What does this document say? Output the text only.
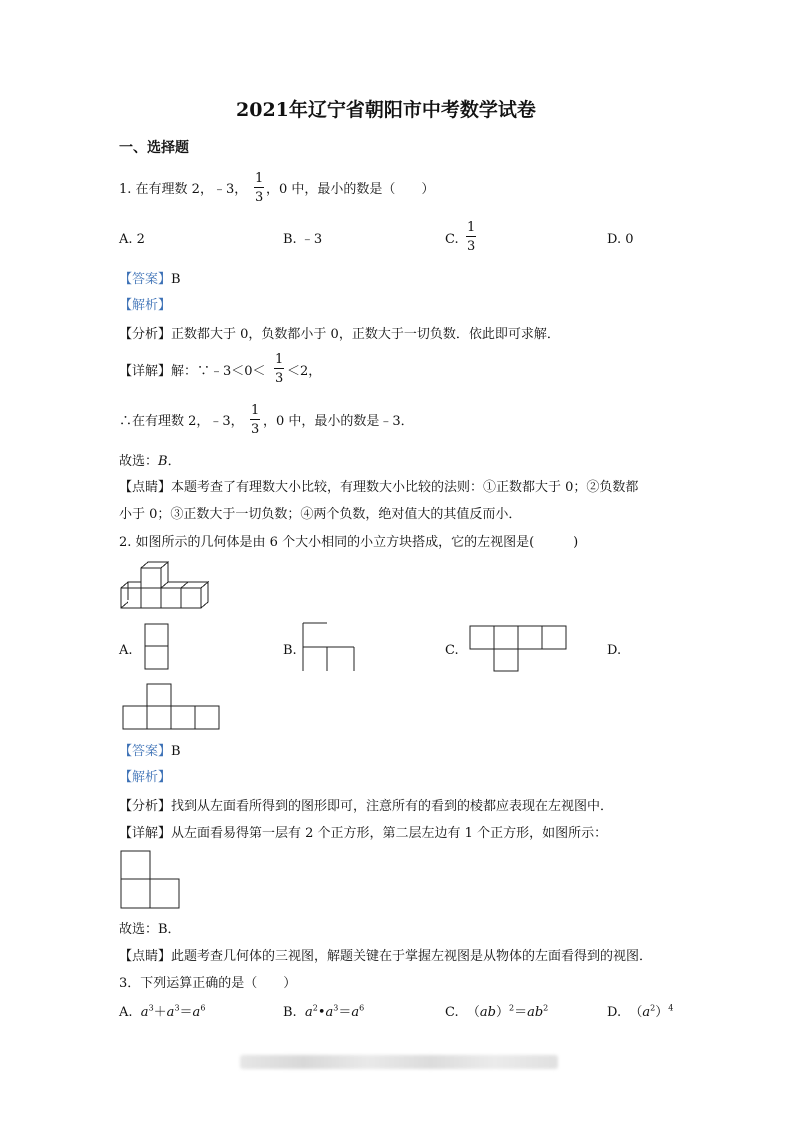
2021年辽宁省朝阳市中考数学试卷
一、选择题
1. 在有理数 2，﹣3， $\frac{1}{3}$ ，0 中，最小的数是（　　）
A. 2	B. ﹣3	C. $\frac{1}{3}$	D. 0
【答案】B
【解析】
【分析】正数都大于 0，负数都小于 0，正数大于一切负数．依此即可求解．
【详解】解：∵﹣3＜0＜ $\frac{1}{3} <2$，
∴在有理数 2，﹣3， $\frac{1}{3}$ ，0 中，最小的数是﹣3．
故选：B．
【点睛】本题考查了有理数大小比较，有理数大小比较的法则：①正数都大于 0；②负数都
小于 0；③正数大于一切负数；④两个负数，绝对值大的其值反而小．
2. 如图所示的几何体是由 6 个大小相同的小立方块搭成，它的左视图是(　　　)
A.	B.	C.	D.
【答案】B
【解析】
【分析】找到从左面看所得到的图形即可，注意所有的看到的棱都应表现在左视图中．
【详解】从左面看易得第一层有 2 个正方形，第二层左边有 1 个正方形，如图所示：
故选：B．
【点睛】此题考查几何体的三视图，解题关键在于掌握左视图是从物体的左面看得到的视图．
3．下列运算正确的是（　　）
A. $a^3+a^3=a^6$	B. $a^2•a^3=a^6$	C.  $(ab)^2=ab^2$	D.  $(a^2)^4$
